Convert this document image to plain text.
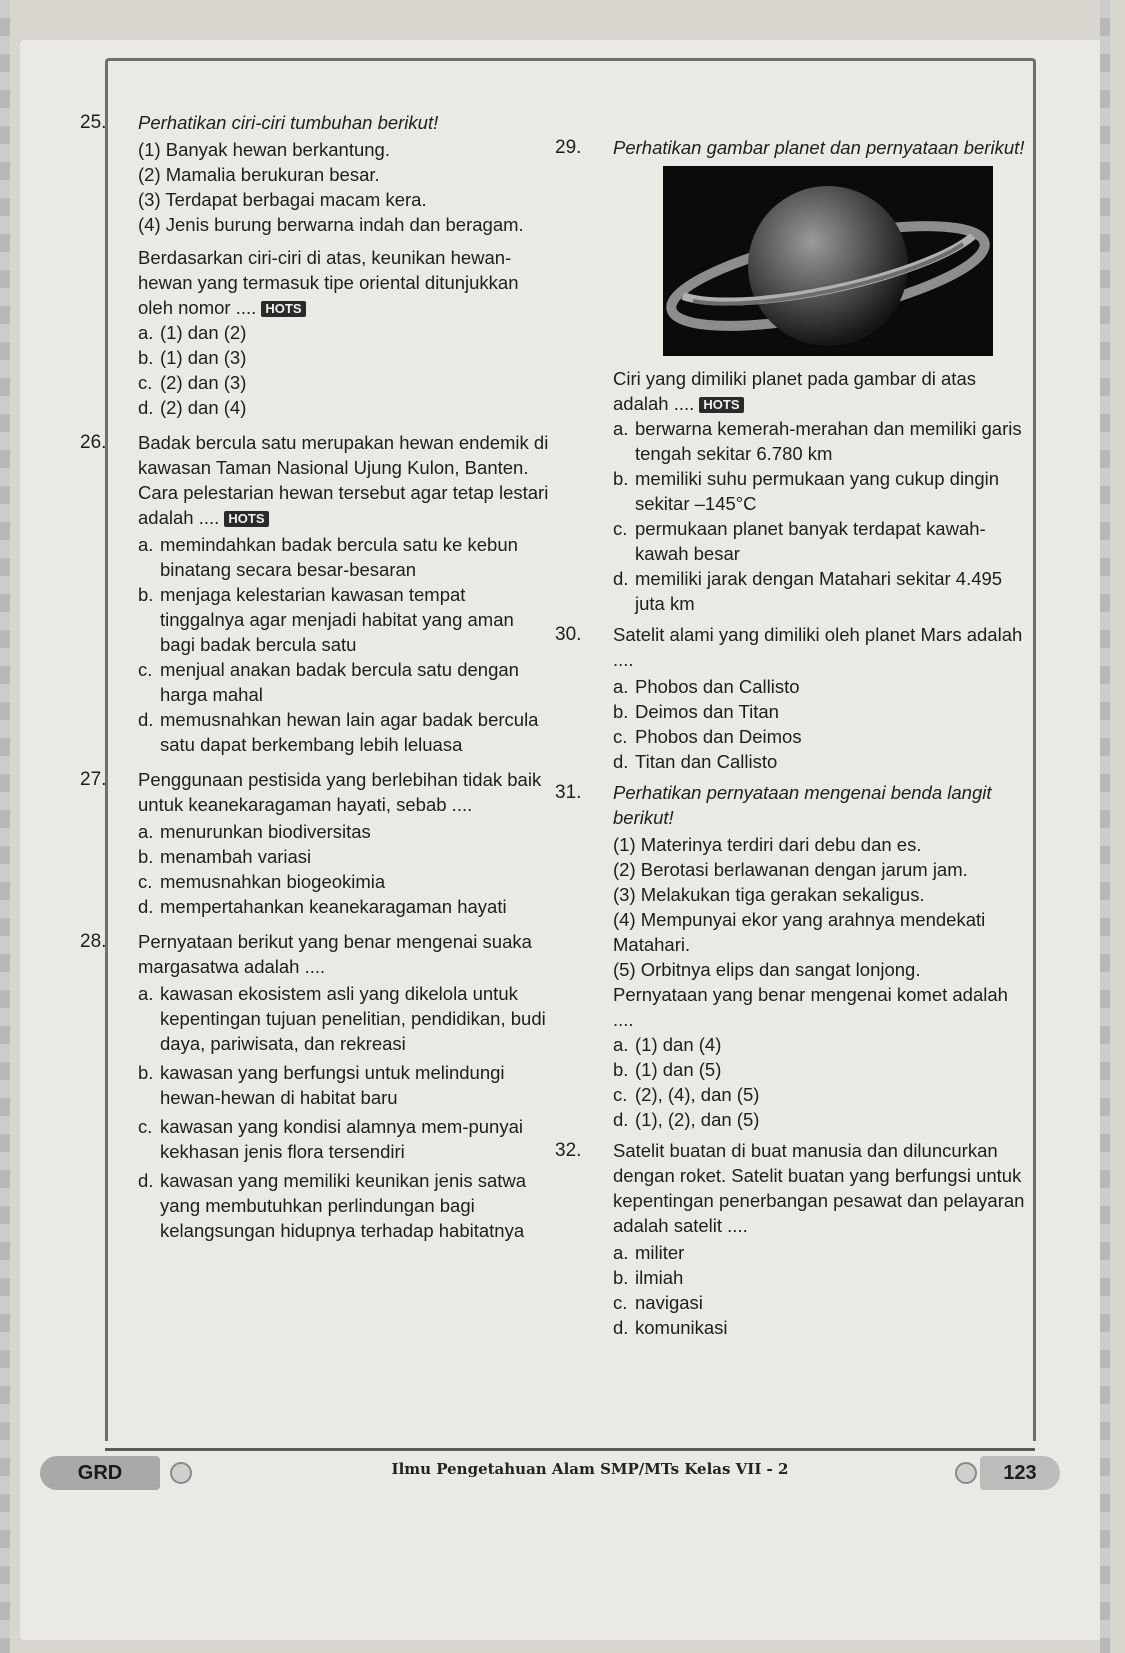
25.	Perhatikan ciri-ciri tumbuhan berikut!
(1) Banyak hewan berkantung.
(2) Mamalia berukuran besar.
(3) Terdapat berbagai macam kera.
(4) Jenis burung berwarna indah dan beragam.
Berdasarkan ciri-ciri di atas, keunikan hewan-hewan yang termasuk tipe oriental ditunjukkan oleh nomor .... HOTS
a. (1) dan (2)
b. (1) dan (3)
c. (2) dan (3)
d. (2) dan (4)
26.	Badak bercula satu merupakan hewan endemik di kawasan Taman Nasional Ujung Kulon, Banten. Cara pelestarian hewan tersebut agar tetap lestari adalah .... HOTS
a. memindahkan badak bercula satu ke kebun binatang secara besar-besaran
b. menjaga kelestarian kawasan tempat tinggalnya agar menjadi habitat yang aman bagi badak bercula satu
c. menjual anakan badak bercula satu dengan harga mahal
d. memusnahkan hewan lain agar badak bercula satu dapat berkembang lebih leluasa
27.	Penggunaan pestisida yang berlebihan tidak baik untuk keanekaragaman hayati, sebab ....
a. menurunkan biodiversitas
b. menambah variasi
c. memusnahkan biogeokimia
d. mempertahankan keanekaragaman hayati
28.	Pernyataan berikut yang benar mengenai suaka margasatwa adalah ....
a. kawasan ekosistem asli yang dikelola untuk kepentingan tujuan penelitian, pendidikan, budi daya, pariwisata, dan rekreasi
b. kawasan yang berfungsi untuk melindungi hewan-hewan di habitat baru
c. kawasan yang kondisi alamnya mem-punyai kekhasan jenis flora tersendiri
d. kawasan yang memiliki keunikan jenis satwa yang membutuhkan perlindungan bagi kelangsungan hidupnya terhadap habitatnya
29.	Perhatikan gambar planet dan pernyataan berikut!
Ciri yang dimiliki planet pada gambar di atas adalah .... HOTS
a. berwarna kemerah-merahan dan memiliki garis tengah sekitar 6.780 km
b. memiliki suhu permukaan yang cukup dingin sekitar –145°C
c. permukaan planet banyak terdapat kawah-kawah besar
d. memiliki jarak dengan Matahari sekitar 4.495 juta km
30.	Satelit alami yang dimiliki oleh planet Mars adalah ....
a. Phobos dan Callisto
b. Deimos dan Titan
c. Phobos dan Deimos
d. Titan dan Callisto
31.	Perhatikan pernyataan mengenai benda langit berikut!
(1) Materinya terdiri dari debu dan es.
(2) Berotasi berlawanan dengan jarum jam.
(3) Melakukan tiga gerakan sekaligus.
(4) Mempunyai ekor yang arahnya mendekati Matahari.
(5) Orbitnya elips dan sangat lonjong.
Pernyataan yang benar mengenai komet adalah ....
a. (1) dan (4)
b. (1) dan (5)
c. (2), (4), dan (5)
d. (1), (2), dan (5)
32.	Satelit buatan di buat manusia dan diluncurkan dengan roket. Satelit buatan yang berfungsi untuk kepentingan penerbangan pesawat dan pelayaran adalah satelit ....
a. militer
b. ilmiah
c. navigasi
d. komunikasi
GRD	Ilmu Pengetahuan Alam SMP/MTs Kelas VII - 2	123
